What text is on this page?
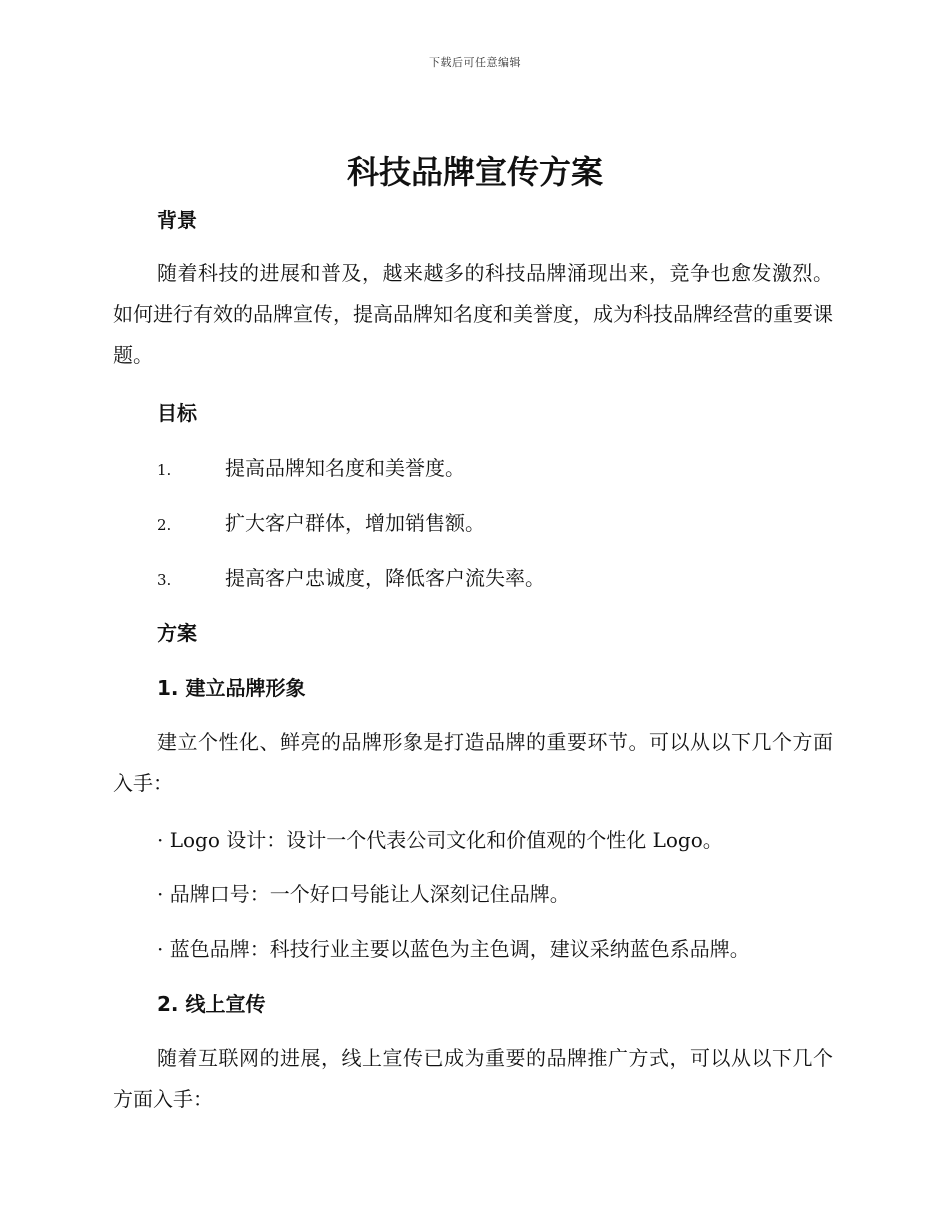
下载后可任意编辑
科技品牌宣传方案
背景
随着科技的进展和普及，越来越多的科技品牌涌现出来，竞争也愈发激烈。如何进行有效的品牌宣传，提高品牌知名度和美誉度，成为科技品牌经营的重要课题。
目标
1.	提高品牌知名度和美誉度。
2.	扩大客户群体，增加销售额。
3.	提高客户忠诚度，降低客户流失率。
方案
1. 建立品牌形象
建立个性化、鲜亮的品牌形象是打造品牌的重要环节。可以从以下几个方面入手：
· Logo 设计：设计一个代表公司文化和价值观的个性化 Logo。
· 品牌口号：一个好口号能让人深刻记住品牌。
· 蓝色品牌：科技行业主要以蓝色为主色调，建议采纳蓝色系品牌。
2. 线上宣传
随着互联网的进展，线上宣传已成为重要的品牌推广方式，可以从以下几个方面入手：
